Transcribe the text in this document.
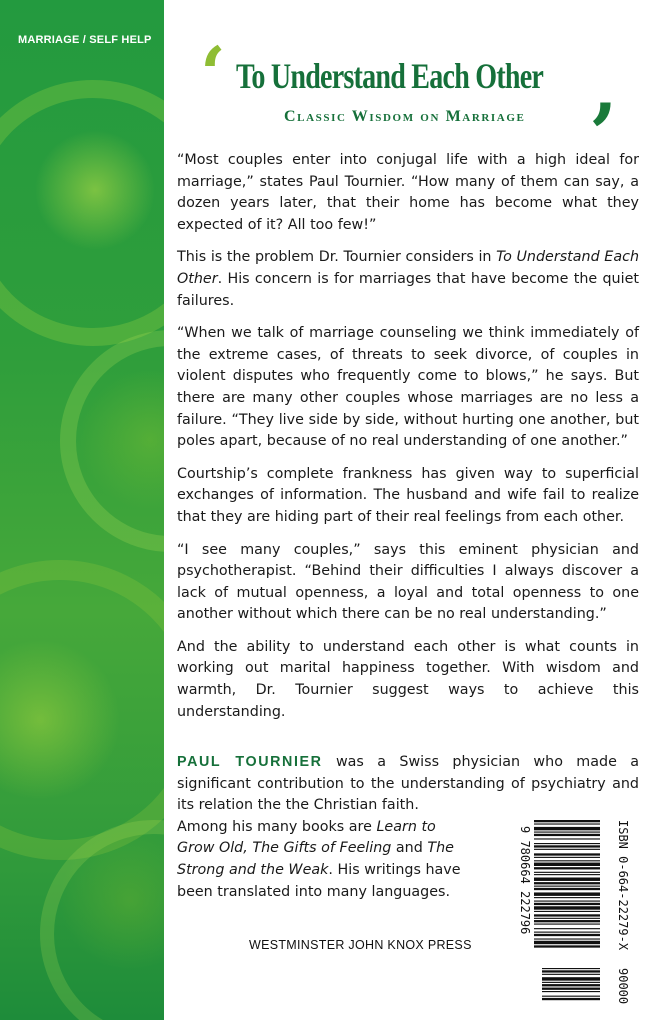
MARRIAGE / SELF HELP ‘ To Understand Each Other ,
Classic Wisdom on Marriage

“Most couples enter into conjugal life with a high ideal for marriage,” states Paul Tournier. “How many of them can say, a dozen years later, that their home has become what they expected of it? All too few!”

This is the problem Dr. Tournier considers in To Understand Each Other. His concern is for marriages that have become the quiet failures.

“When we talk of marriage counseling we think immediately of the extreme cases, of threats to seek divorce, of couples in violent disputes who frequently come to blows,” he says. But there are many other couples whose marriages are no less a failure. “They live side by side, without hurting one another, but poles apart, because of no real understanding of one another.”

Courtship’s complete frankness has given way to superficial exchanges of information. The husband and wife fail to realize that they are hiding part of their real feelings from each other.

“I see many couples,” says this eminent physician and psychotherapist. “Behind their difficulties I always discover a lack of mutual openness, a loyal and total openness to one another without which there can be no real understanding.”

And the ability to understand each other is what counts in working out marital happiness together. With wisdom and warmth, Dr. Tournier suggest ways to achieve this understanding.

PAUL TOURNIER was a Swiss physician who made a significant contribution to the understanding of psychiatry and its relation the the Christian faith.

Among his many books are Learn to Grow Old, The Gifts of Feeling and The Strong and the Weak. His writings have been translated into many languages.

WESTMINSTER JOHN KNOX PRESS
9 780664 222796	ISBN 0-664-22279-X
90000
